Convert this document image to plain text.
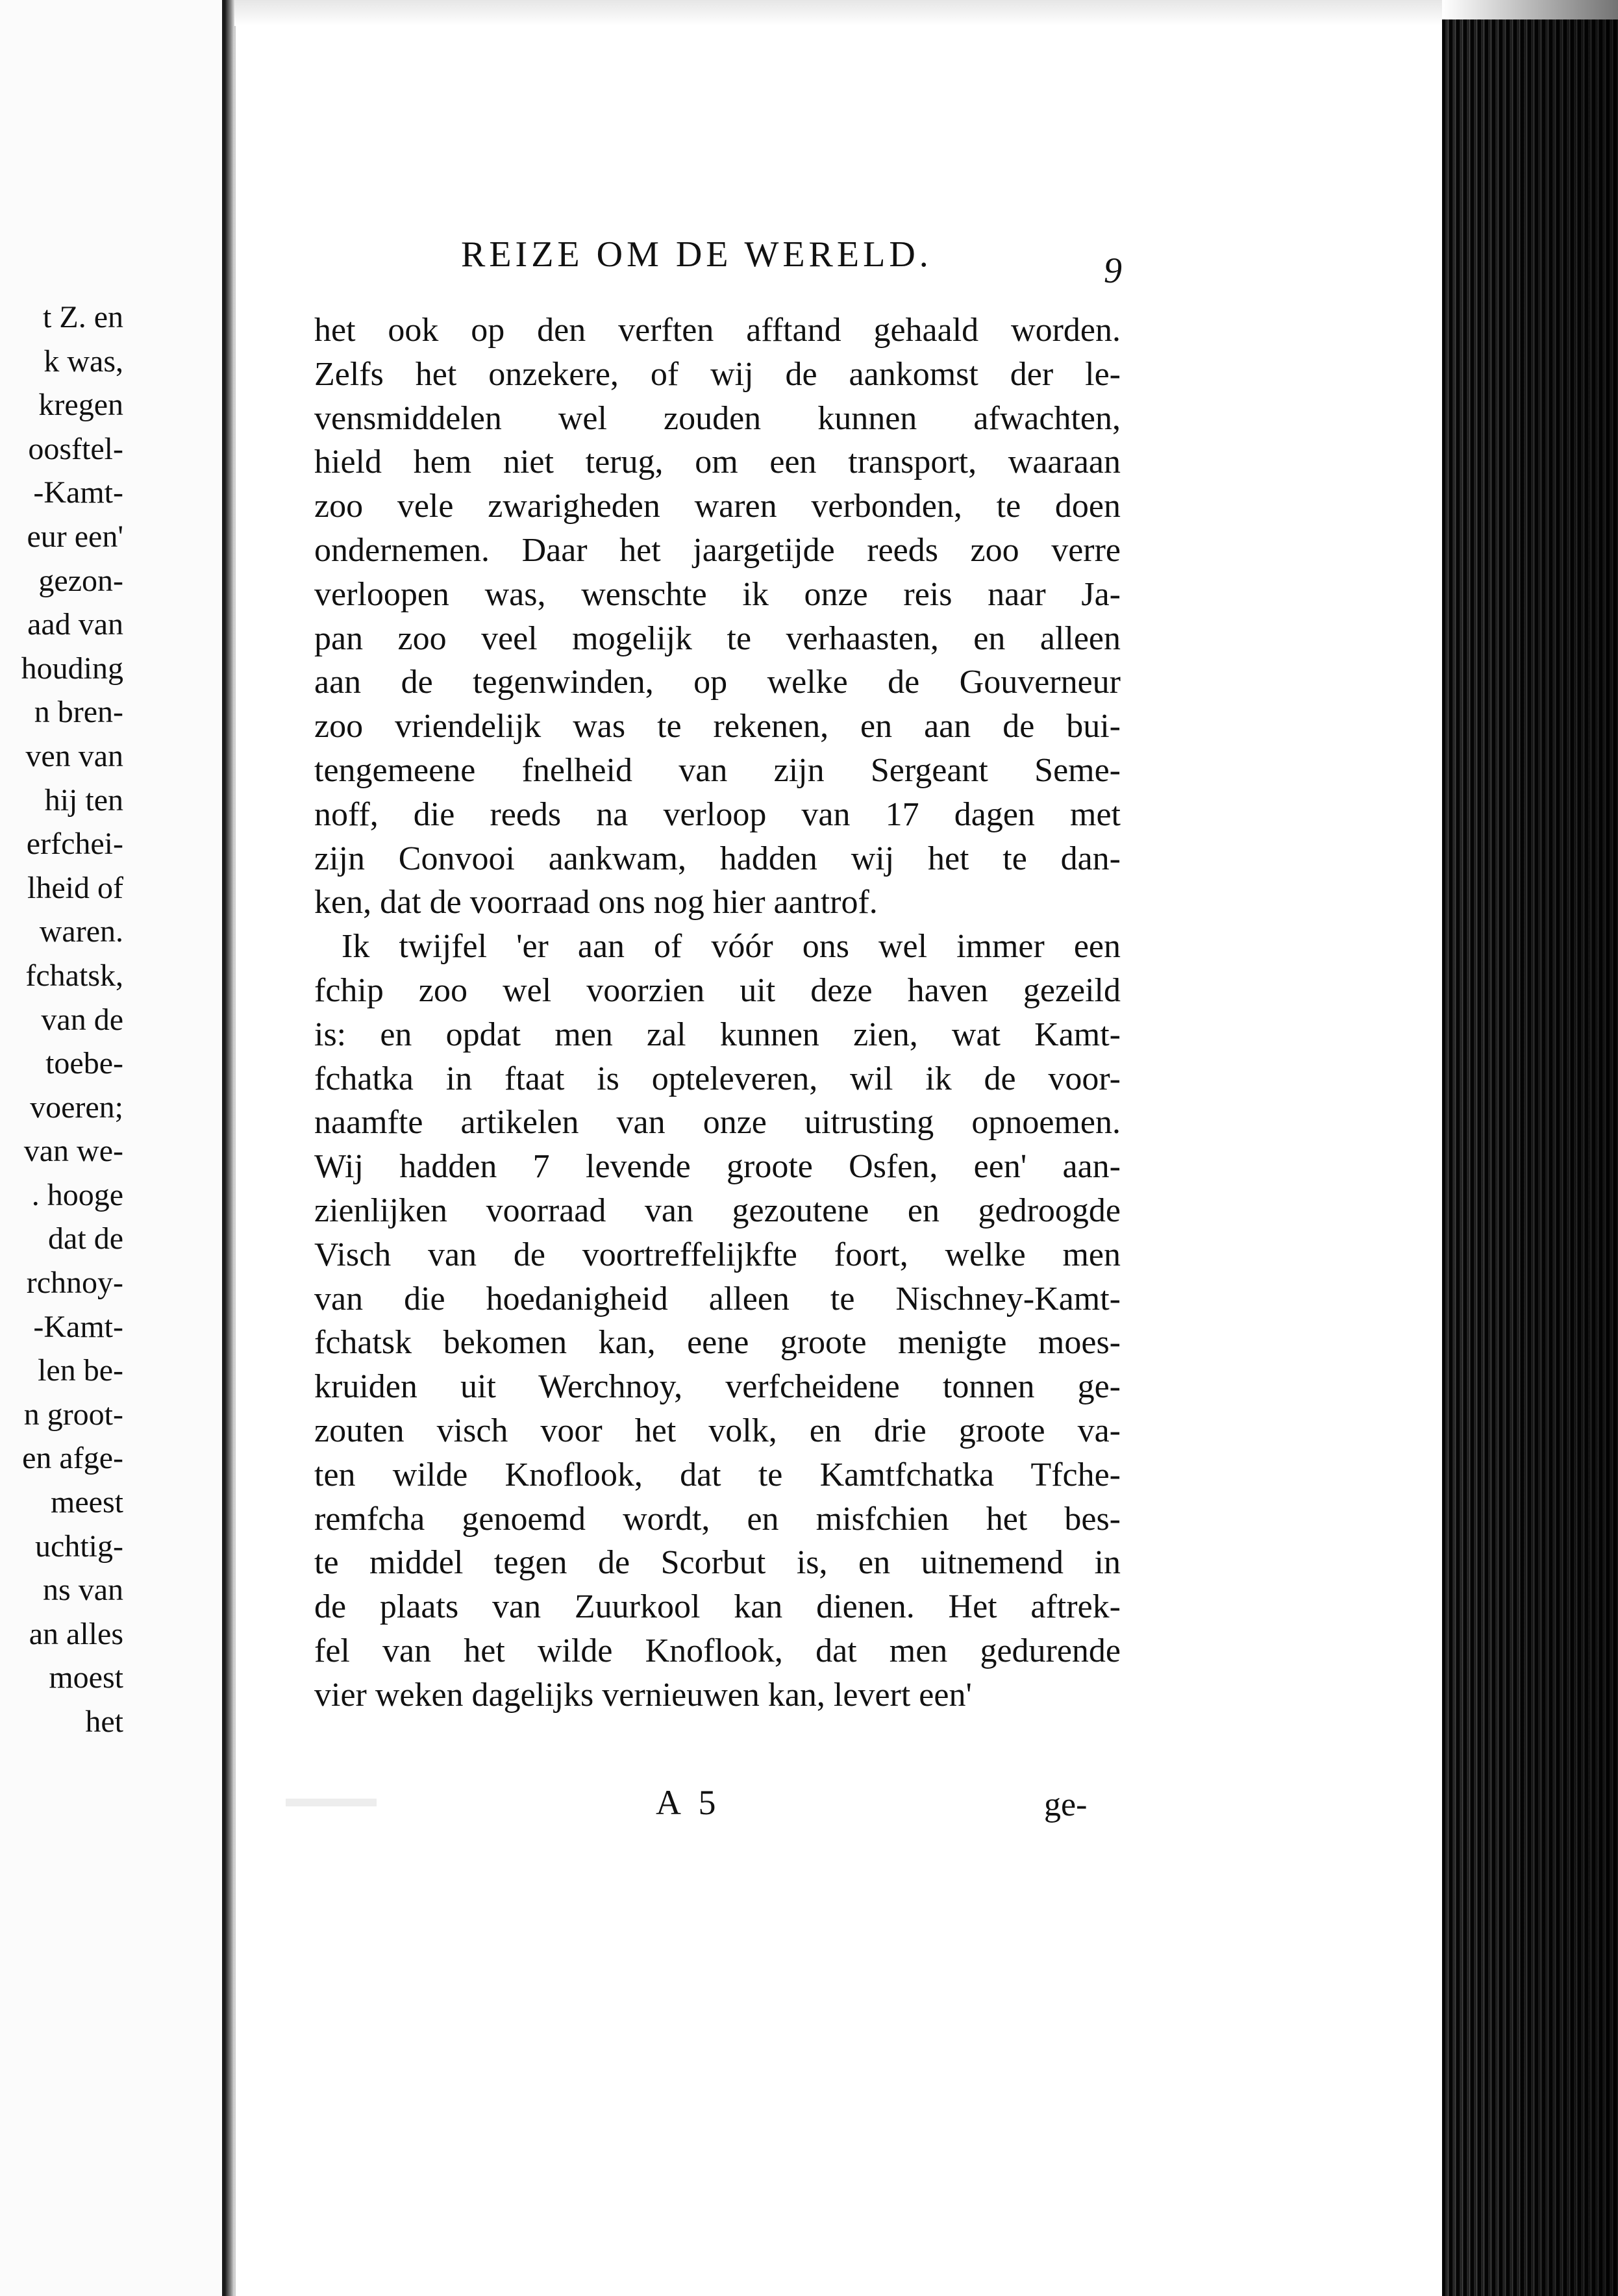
t Z. en
k was,
kregen
oosftel-
-Kamt-
eur een'
gezon-
aad van
houding
n bren-
ven van
hij ten
erfchei-
lheid of
waren.
fchatsk,
van de
toebe-
voeren;
van we-
. hooge
dat de
rchnoy-
-Kamt-
len be-
n groot-
en afge-
meest
uchtig-
ns van
an alles
moest
het
REIZE OM DE WERELD.	9
het ook op den verften afftand gehaald worden.
Zelfs het onzekere, of wij de aankomst der le-
vensmiddelen wel zouden kunnen afwachten,
hield hem niet terug, om een transport, waaraan
zoo vele zwarigheden waren verbonden, te doen
ondernemen. Daar het jaargetijde reeds zoo verre
verloopen was, wenschte ik onze reis naar Ja-
pan zoo veel mogelijk te verhaasten, en alleen
aan de tegenwinden, op welke de Gouverneur
zoo vriendelijk was te rekenen, en aan de bui-
tengemeene fnelheid van zijn Sergeant Seme-
noff, die reeds na verloop van 17 dagen met
zijn Convooi aankwam, hadden wij het te dan-
ken, dat de voorraad ons nog hier aantrof.
Ik twijfel 'er aan of vóór ons wel immer een
fchip zoo wel voorzien uit deze haven gezeild
is: en opdat men zal kunnen zien, wat Kamt-
fchatka in ftaat is opteleveren, wil ik de voor-
naamfte artikelen van onze uitrusting opnoemen.
Wij hadden 7 levende groote Osfen, een' aan-
zienlijken voorraad van gezoutene en gedroogde
Visch van de voortreffelijkfte foort, welke men
van die hoedanigheid alleen te Nischney-Kamt-
fchatsk bekomen kan, eene groote menigte moes-
kruiden uit Werchnoy, verfcheidene tonnen ge-
zouten visch voor het volk, en drie groote va-
ten wilde Knoflook, dat te Kamtfchatka Tfche-
remfcha genoemd wordt, en misfchien het bes-
te middel tegen de Scorbut is, en uitnemend in
de plaats van Zuurkool kan dienen. Het aftrek-
fel van het wilde Knoflook, dat men gedurende
vier weken dagelijks vernieuwen kan, levert een'
A 5	ge-
